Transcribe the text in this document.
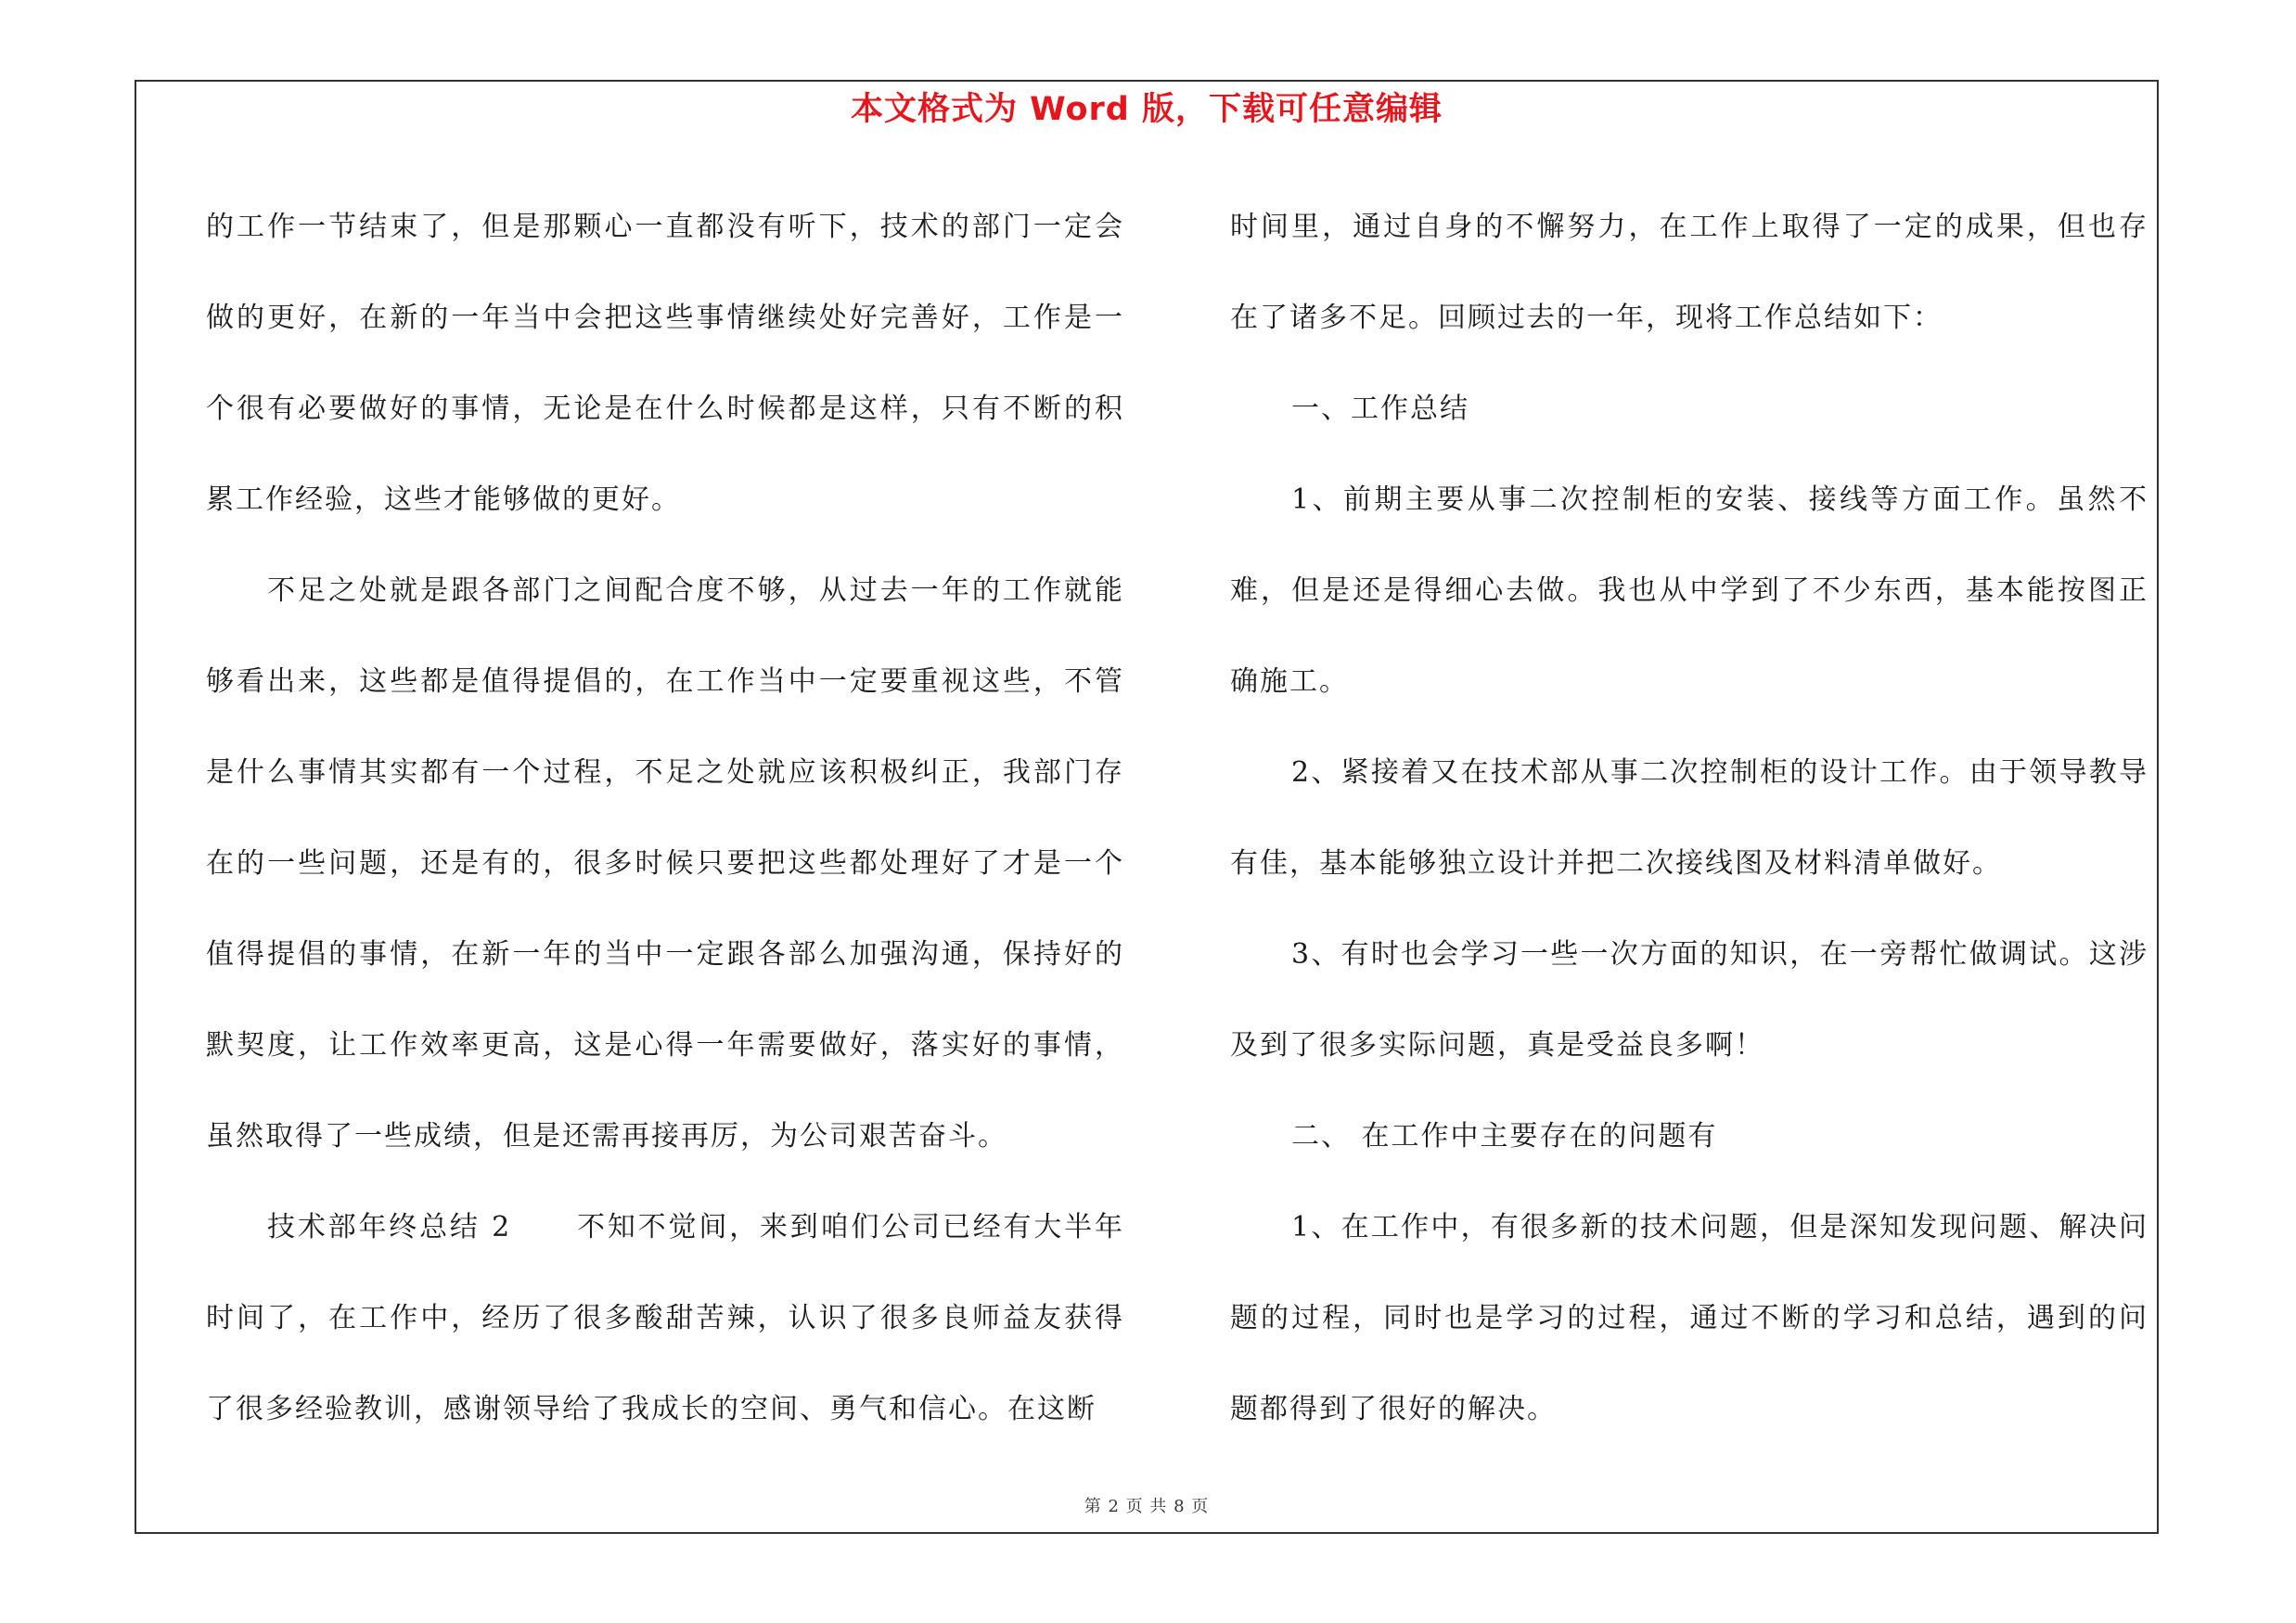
本文格式为 Word 版，下载可任意编辑

的工作一节结束了，但是那颗心一直都没有听下，技术的部门一定会做的更好，在新的一年当中会把这些事情继续处好完善好，工作是一个很有必要做好的事情，无论是在什么时候都是这样，只有不断的积累工作经验，这些才能够做的更好。

不足之处就是跟各部门之间配合度不够，从过去一年的工作就能够看出来，这些都是值得提倡的，在工作当中一定要重视这些，不管是什么事情其实都有一个过程，不足之处就应该积极纠正，我部门存在的一些问题，还是有的，很多时候只要把这些都处理好了才是一个值得提倡的事情，在新一年的当中一定跟各部么加强沟通，保持好的默契度，让工作效率更高，这是心得一年需要做好，落实好的事情，虽然取得了一些成绩，但是还需再接再厉，为公司艰苦奋斗。

技术部年终总结 2 不知不觉间，来到咱们公司已经有大半年时间了，在工作中，经历了很多酸甜苦辣，认识了很多良师益友获得了很多经验教训，感谢领导给了我成长的空间、勇气和信心。在这断

时间里，通过自身的不懈努力，在工作上取得了一定的成果，但也存在了诸多不足。回顾过去的一年，现将工作总结如下：

一、工作总结

1、前期主要从事二次控制柜的安装、接线等方面工作。虽然不难，但是还是得细心去做。我也从中学到了不少东西，基本能按图正确施工。

2、紧接着又在技术部从事二次控制柜的设计工作。由于领导教导有佳，基本能够独立设计并把二次接线图及材料清单做好。

3、有时也会学习一些一次方面的知识，在一旁帮忙做调试。这涉及到了很多实际问题，真是受益良多啊！

二、 在工作中主要存在的问题有

1、在工作中，有很多新的技术问题，但是深知发现问题、解决问题的过程，同时也是学习的过程，通过不断的学习和总结，遇到的问题都得到了很好的解决。

第 2 页 共 8 页
